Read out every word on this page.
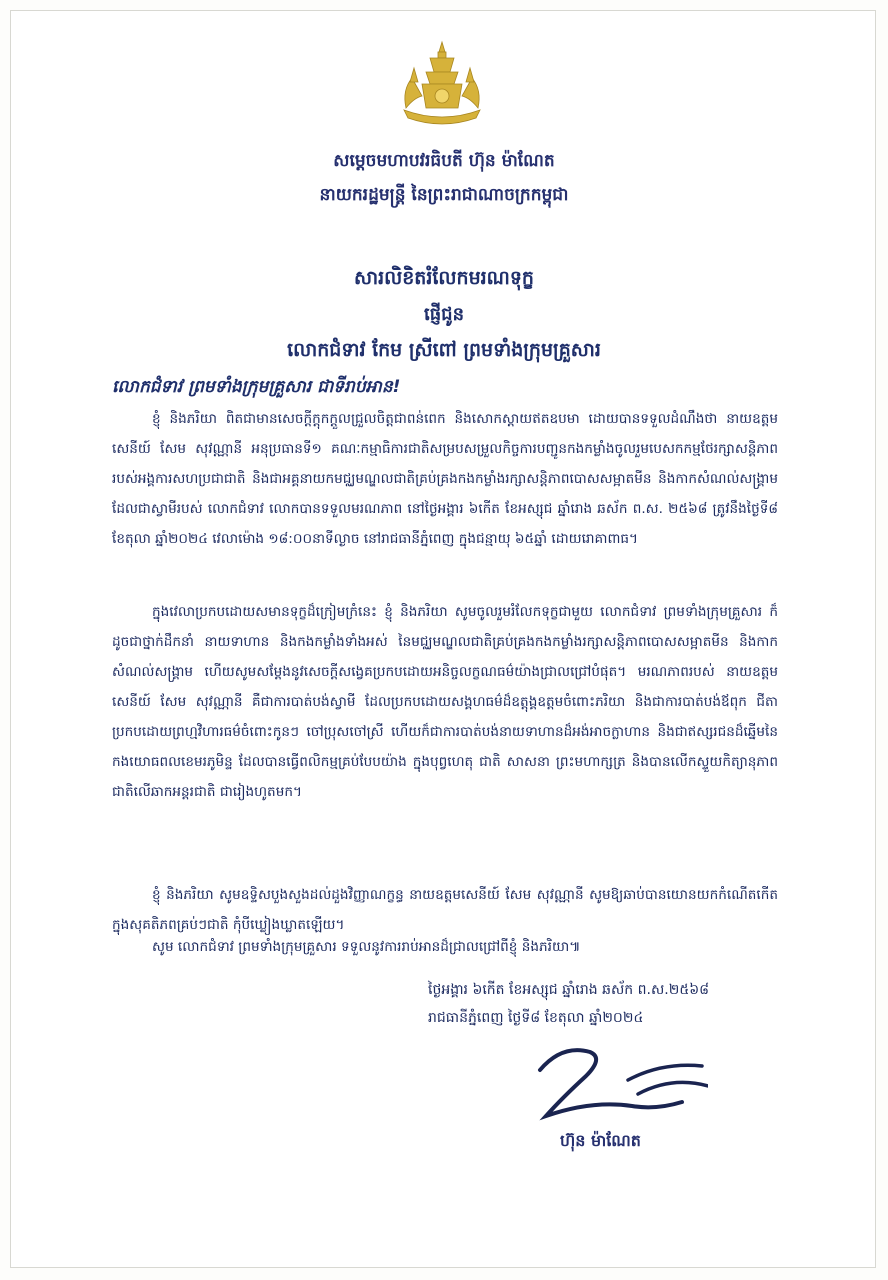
សម្តេចមហាបវរធិបតី ហ៊ុន ម៉ាណែត
នាយករដ្ឋមន្ត្រី នៃព្រះរាជាណាចក្រកម្ពុជា
សារលិខិតរំលែកមរណទុក្ខ
ផ្ញើជូន
លោកជំទាវ កែម ស្រីពៅ ព្រមទាំងក្រុមគ្រួសារ
លោកជំទាវ ព្រមទាំងក្រុមគ្រួសារ ជាទីរាប់អាន!
ខ្ញុំ និងភរិយា ពិតជាមានសេចក្តីក្តុកក្តួលជ្រួលចិត្តជាពន់ពេក និងសោកស្តាយឥតឧបមា ដោយបានទទួលដំណឹងថា នាយឧត្តមសេនីយ៍ សែម សុវណ្ណានី អនុប្រធានទី១ គណៈកម្មាធិការជាតិសម្របសម្រួលកិច្ចការបញ្ជូនកងកម្លាំងចូលរួមបេសកកម្មថែរក្សាសន្តិភាពរបស់អង្គការសហប្រជាជាតិ និងជាអគ្គនាយកមជ្ឈមណ្ឌលជាតិគ្រប់គ្រងកងកម្លាំងរក្សាសន្តិភាពបោសសម្អាតមីន និងកាកសំណល់សង្គ្រាម ដែលជាស្វាមីរបស់ លោកជំទាវ លោកបានទទួលមរណភាព នៅថ្ងៃអង្គារ ៦កើត ខែអស្សុជ ឆ្នាំរោង ឆស័ក ព.ស. ២៥៦៨ ត្រូវនឹងថ្ងៃទី៨ ខែតុលា ឆ្នាំ២០២៤ វេលាម៉ោង ១៨:០០នាទីល្ងាច នៅរាជធានីភ្នំពេញ ក្នុងជន្មាយុ ៦៥ឆ្នាំ ដោយរោគាពាធ។
ក្នុងវេលាប្រកបដោយសមានទុក្ខដ៏ក្រៀមក្រំនេះ ខ្ញុំ និងភរិយា សូមចូលរួមរំលែកទុក្ខជាមួយ លោកជំទាវ ព្រមទាំងក្រុមគ្រួសារ ក៏ដូចជាថ្នាក់ដឹកនាំ នាយទាហាន និងកងកម្លាំងទាំងអស់ នៃមជ្ឈមណ្ឌលជាតិគ្រប់គ្រងកងកម្លាំងរក្សាសន្តិភាពបោសសម្អាតមីន និងកាកសំណល់សង្គ្រាម ហើយសូមសម្តែងនូវសេចក្តីសង្វេគប្រកបដោយអនិច្ចលក្ខណធម៌យ៉ាងជ្រាលជ្រៅបំផុត។ មរណភាពរបស់ នាយឧត្តមសេនីយ៍ សែម សុវណ្ណានី គឺជាការបាត់បង់ស្វាមី ដែលប្រកបដោយសង្គហធម៌ដ៏ឧត្តុង្គឧត្តមចំពោះភរិយា និងជាការបាត់បង់ឪពុក ជីតា ប្រកបដោយព្រហ្មវិហារធម៌ចំពោះកូនៗ ចៅប្រុសចៅស្រី ហើយក៏ជាការបាត់បង់នាយទាហានដ៏អង់អាចក្លាហាន និងជាឥស្សរជនដ៏ឆ្នើមនៃកងយោធពលខេមរភូមិន្ទ ដែលបានធ្វើពលិកម្មគ្រប់បែបយ៉ាង ក្នុងបុព្វហេតុ ជាតិ សាសនា ព្រះមហាក្សត្រ និងបានលើកស្ទួយកិត្យានុភាពជាតិលើឆាកអន្តរជាតិ ជារៀងហូតមក។
ខ្ញុំ និងភរិយា សូមឧទ្ទិសបួងសួងដល់ដួងវិញ្ញាណក្ខន្ធ នាយឧត្តមសេនីយ៍ សែម សុវណ្ណានី សូមឱ្យឆាប់បានយោនយកកំណើតកើតក្នុងសុគតិភពគ្រប់ៗជាតិ កុំបីឃ្លៀងឃ្លាតឡើយ។
សូម លោកជំទាវ ព្រមទាំងក្រុមគ្រួសារ ទទួលនូវការរាប់អានដ៏ជ្រាលជ្រៅពីខ្ញុំ និងភរិយា៕
ថ្ងៃអង្គារ ៦កើត ខែអស្សុជ ឆ្នាំរោង ឆស័ក ព.ស.២៥៦៨
រាជធានីភ្នំពេញ ថ្ងៃទី៨ ខែតុលា ឆ្នាំ២០២៤
ហ៊ុន ម៉ាណែត
